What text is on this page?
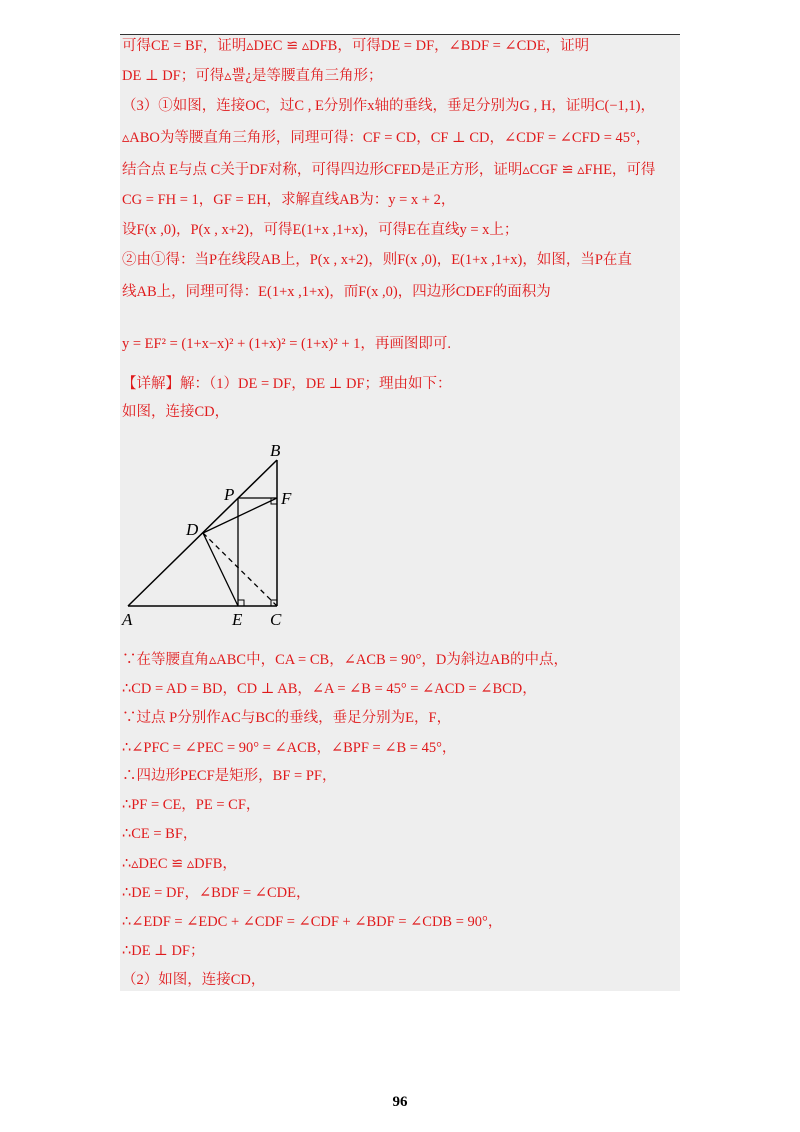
可得CE = BF，证明▵DEC ≌ ▵DFB，可得DE = DF，∠BDF = ∠CDE，证明
DE ⊥ DF；可得▵뿔¿是等腰直角三角形；
（3）①如图，连接OC，过C , E分别作x轴的垂线，垂足分别为G , H，证明C(−1,1)，
▵ABO为等腰直角三角形，同理可得：CF = CD，CF ⊥ CD，∠CDF = ∠CFD = 45°，
结合点 E与点 C关于DF对称，可得四边形CFED是正方形，证明▵CGF ≌ ▵FHE，可得
CG = FH = 1，GF = EH，求解直线AB为：y = x + 2，
设F(x ,0)，P(x , x+2)，可得E(1+x ,1+x)，可得E在直线y = x上；
②由①得：当P在线段AB上，P(x , x+2)，则F(x ,0)，E(1+x ,1+x)，如图，当P在直
线AB上，同理可得：E(1+x ,1+x)，而F(x ,0)，四边形CDEF的面积为
y = EF² = (1+x−x)² + (1+x)² = (1+x)² + 1，再画图即可.
【详解】解：（1）DE = DF，DE ⊥ DF；理由如下：
如图，连接CD，
B
P	F
D
A	E C
∵在等腰直角▵ABC中，CA = CB，∠ACB = 90°，D为斜边AB的中点，
∴CD = AD = BD，CD ⊥ AB，∠A = ∠B = 45° = ∠ACD = ∠BCD，
∵过点 P分别作AC与BC的垂线，垂足分别为E，F，
∴∠PFC = ∠PEC = 90° = ∠ACB，∠BPF = ∠B = 45°，
∴四边形PECF是矩形，BF = PF，
∴PF = CE，PE = CF，
∴CE = BF，
∴▵DEC ≌ ▵DFB，
∴DE = DF，∠BDF = ∠CDE，
∴∠EDF = ∠EDC + ∠CDF = ∠CDF + ∠BDF = ∠CDB = 90°，
∴DE ⊥ DF；
（2）如图，连接CD，
96
